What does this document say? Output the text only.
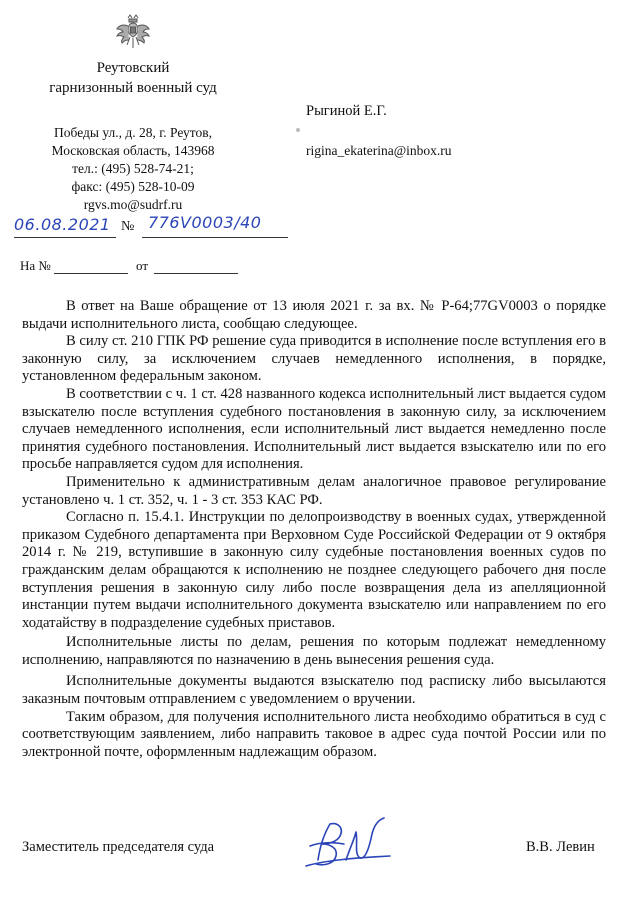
Реутовский
гарнизонный военный суд
Победы ул., д. 28, г. Реутов,
Московская область, 143968
тел.: (495) 528-74-21;
факс: (495) 528-10-09
rgvs.mo@sudrf.ru
Рыгиной Е.Г.
rigina_ekaterina@inbox.ru
06.08.2021 № 776V0003/40
На №	от

В ответ на Ваше обращение от 13 июля 2021 г. за вх. № Р-64;77GV0003 о порядке выдачи исполнительного листа, сообщаю следующее.

В силу ст. 210 ГПК РФ решение суда приводится в исполнение после вступления его в законную силу, за исключением случаев немедленного исполнения, в порядке, установленном федеральным законом.

В соответствии с ч. 1 ст. 428 названного кодекса исполнительный лист выдается судом взыскателю после вступления судебного постановления в законную силу, за исключением случаев немедленного исполнения, если исполнительный лист выдается немедленно после принятия судебного постановления. Исполнительный лист выдается взыскателю или по его просьбе направляется судом для исполнения.

Применительно к административным делам аналогичное правовое регулирование установлено ч. 1 ст. 352, ч. 1 - 3 ст. 353 КАС РФ.

Согласно п. 15.4.1. Инструкции по делопроизводству в военных судах, утвержденной приказом Судебного департамента при Верховном Суде Российской Федерации от 9 октября 2014 г. № 219, вступившие в законную силу судебные постановления военных судов по гражданским делам обращаются к исполнению не позднее следующего рабочего дня после вступления решения в законную силу либо после возвращения дела из апелляционной инстанции путем выдачи исполнительного документа взыскателю или направлением по его ходатайству в подразделение судебных приставов.

Исполнительные листы по делам, решения по которым подлежат немедленному исполнению, направляются по назначению в день вынесения решения суда.

Исполнительные документы выдаются взыскателю под расписку либо высылаются заказным почтовым отправлением с уведомлением о вручении.

Таким образом, для получения исполнительного листа необходимо обратиться в суд с соответствующим заявлением, либо направить таковое в адрес суда почтой России или по электронной почте, оформленным надлежащим образом.

Заместитель председателя суда	В.В. Левин
